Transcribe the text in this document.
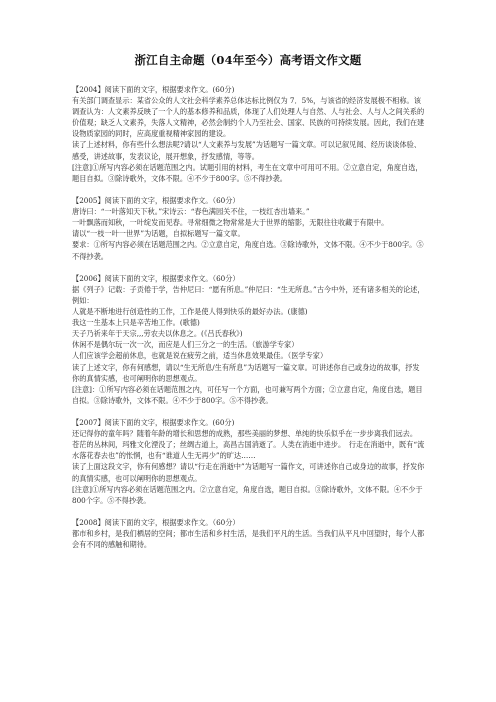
浙江自主命题（04年至今）高考语文作文题
【2004】阅读下面的文字，根据要求作文。(60分)
有关部门调查显示：某省公众的人文社会科学素养总体达标比例仅为 7．5%，与该省的经济发展极不相称。该调查认为：人文素养反映了一个人的基本修养和品质，体现了人们处理人与自然、人与社会、人与人之间关系的价值观；缺乏人文素养，失落人文精神，必然会制约个人乃至社会、国家、民族的可持续发展。因此，我们在建设物质家园的同时，应高度重视精神家园的建设。
读了上述材料，你有些什么想法呢?请以“人文素养与发展”为话题写一篇文章。可以记叙见闻、经历谈谈体验、感受，讲述故事，发表议论，展开想象，抒发感情，等等。
[注意]①所写内容必须在话题范围之内。试题引用的材料，考生在文章中可用可不用。②立意自定，角度自选，题目自拟。③除诗歌外，文体不限。④不少于800字。⑤不得抄袭。
【2005】阅读下面的文字，根据要求作文。（60分）
唐诗曰：“一叶落知天下秋。”宋诗云：“春色满园关不住，一枝红杏出墙来。”
一叶飘落而知秋，一叶绽发而见春。寻常细微之物常常是大于世界的缩影，无限往往收藏于有限中。
请以“一枝一叶一世界”为话题，自拟标题写一篇文章。
要求：①所写内容必须在话题范围之内。②立意自定，角度自选。③除诗歌外，文体不限。④不少于800字。⑤不得抄袭。
【2006】阅读下面的文字，根据要求作文。（60分）
据《列子》记载：子贡倦于学，告仲尼曰：“愿有所息。”仲尼曰：“生无所息。”古今中外，还有诸多相关的论述，例如：
人就是不断地进行创造性的工作，工作是使人得到快乐的最好办法。(康德)
我这一生基本上只是辛苦地工作。(歌德)
天子乃祈来年于天宗,,,劳农夫以休息之。(《吕氏春秋》)
休闲不是偶尔玩一次一次，而应是人们三分之一的生活。（旅游学专家）
人们应该学会超前休息，也就是说在疲劳之前，适当休息效果最佳。（医学专家）
读了上述文字，你有何感想，请以“生无所息/生有所息”为话题写一篇文章。可讲述你自己或身边的故事，抒发你的真情实感，也可阐明你的思想观点。
[注意]：①所写内容必须在话题范围之内，可任写一个方面，也可兼写两个方面；②立意自定，角度自选，题目自拟。③除诗歌外，文体不限。④不少于800字。⑤不得抄袭。
【2007】阅读下面的文字，根据要求作文。(60分)
还记得你的童年吗？随着年龄的增长和思想的成熟，那些美丽的梦想、单纯的快乐似乎在一步步离我们远去。　苍茫的丛林间，玛雅文化湮没了；丝绸古道上，高昌古国消逝了。人类在消逝中进步。　行走在消逝中，既有“流水落花春去也”的怅惘，也有“谁道人生无再少”的旷达……
读了上面这段文字，你有何感想？请以“行走在消逝中”为话题写一篇作文，可讲述你自己或身边的故事，抒发你的真情实感，也可以阐明你的思想观点。
[注意]①所写内容必须在话题范围之内。②立意自定，角度自选，题目自拟。③除诗歌外，文体不限。④不少于800个字。⑤不得抄袭。
【2008】阅读下面的文字，根据要求作文。（60分）
都市和乡村，是我们栖居的空间；都市生活和乡村生活，是我们平凡的生活。当我们从平凡中回望时，每个人都会有不同的感触和期待。
